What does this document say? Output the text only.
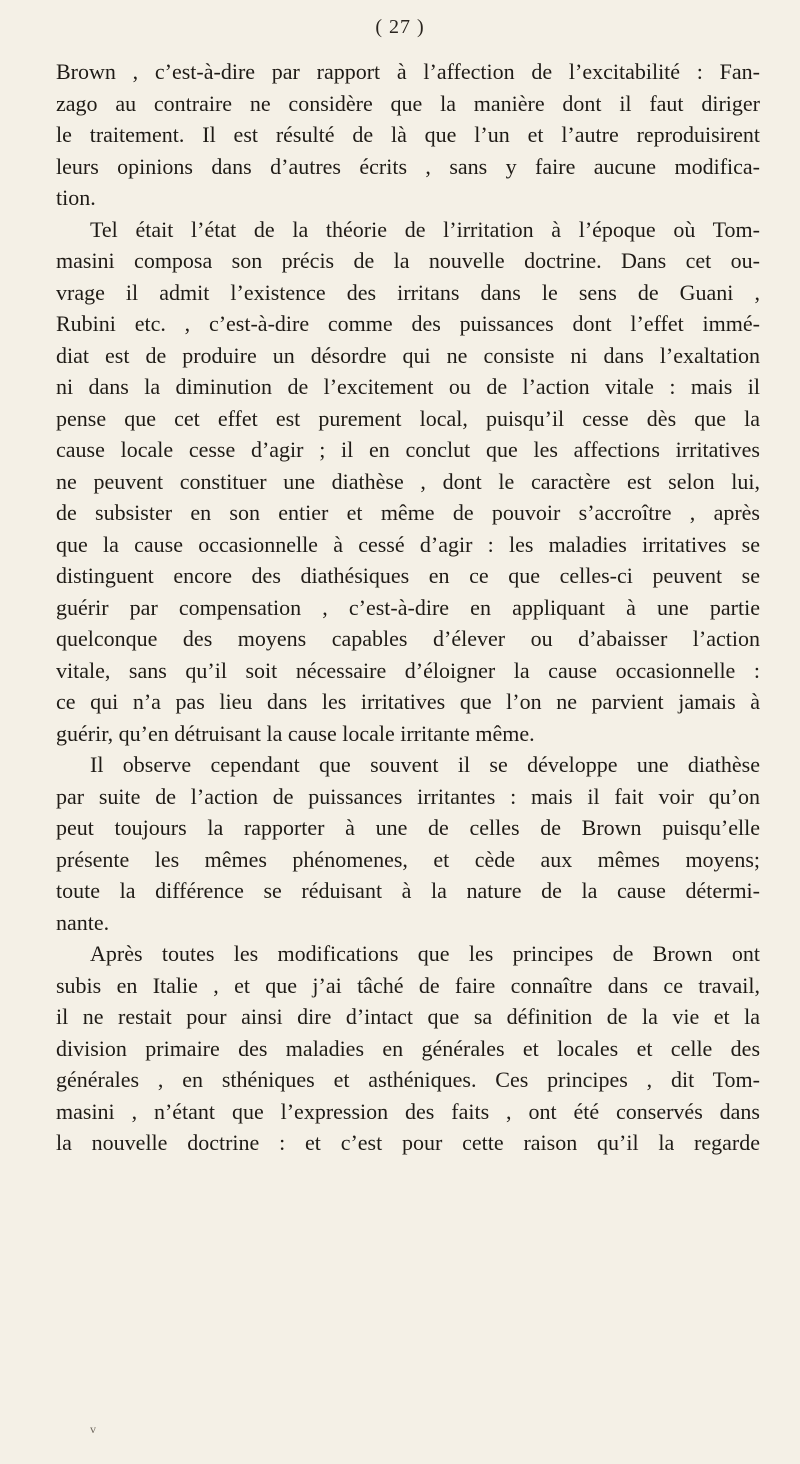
( 27 )
Brown , c’est-à-dire par rapport à l’affection de l’excitabilité : Fan-
zago au contraire ne considère que la manière dont il faut diriger
le traitement. Il est résulté de là que l’un et l’autre reproduisirent
leurs opinions dans d’autres écrits , sans y faire aucune modifica-
tion.
Tel était l’état de la théorie de l’irritation à l’époque où Tom-
masini composa son précis de la nouvelle doctrine. Dans cet ou-
vrage il admit l’existence des irritans dans le sens de Guani ,
Rubini etc. , c’est-à-dire comme des puissances dont l’effet immé-
diat est de produire un désordre qui ne consiste ni dans l’exaltation
ni dans la diminution de l’excitement ou de l’action vitale : mais il
pense que cet effet est purement local, puisqu’il cesse dès que la
cause locale cesse d’agir ; il en conclut que les affections irritatives
ne peuvent constituer une diathèse , dont le caractère est selon lui,
de subsister en son entier et même de pouvoir s’accroître , après
que la cause occasionnelle à cessé d’agir : les maladies irritatives se
distinguent encore des diathésiques en ce que celles-ci peuvent se
guérir par compensation , c’est-à-dire en appliquant à une partie
quelconque des moyens capables d’élever ou d’abaisser l’action
vitale, sans qu’il soit nécessaire d’éloigner la cause occasionnelle :
ce qui n’a pas lieu dans les irritatives que l’on ne parvient jamais à
guérir, qu’en détruisant la cause locale irritante même.
Il observe cependant que souvent il se développe une diathèse
par suite de l’action de puissances irritantes : mais il fait voir qu’on
peut toujours la rapporter à une de celles de Brown puisqu’elle
présente les mêmes phénomenes, et cède aux mêmes moyens;
toute la différence se réduisant à la nature de la cause détermi-
nante.
Après toutes les modifications que les principes de Brown ont
subis en Italie , et que j’ai tâché de faire connaître dans ce travail,
il ne restait pour ainsi dire d’intact que sa définition de la vie et la
division primaire des maladies en générales et locales et celle des
générales , en sthéniques et asthéniques. Ces principes , dit Tom-
masini , n’étant que l’expression des faits , ont été conservés dans
la nouvelle doctrine : et c’est pour cette raison qu’il la regarde
v
